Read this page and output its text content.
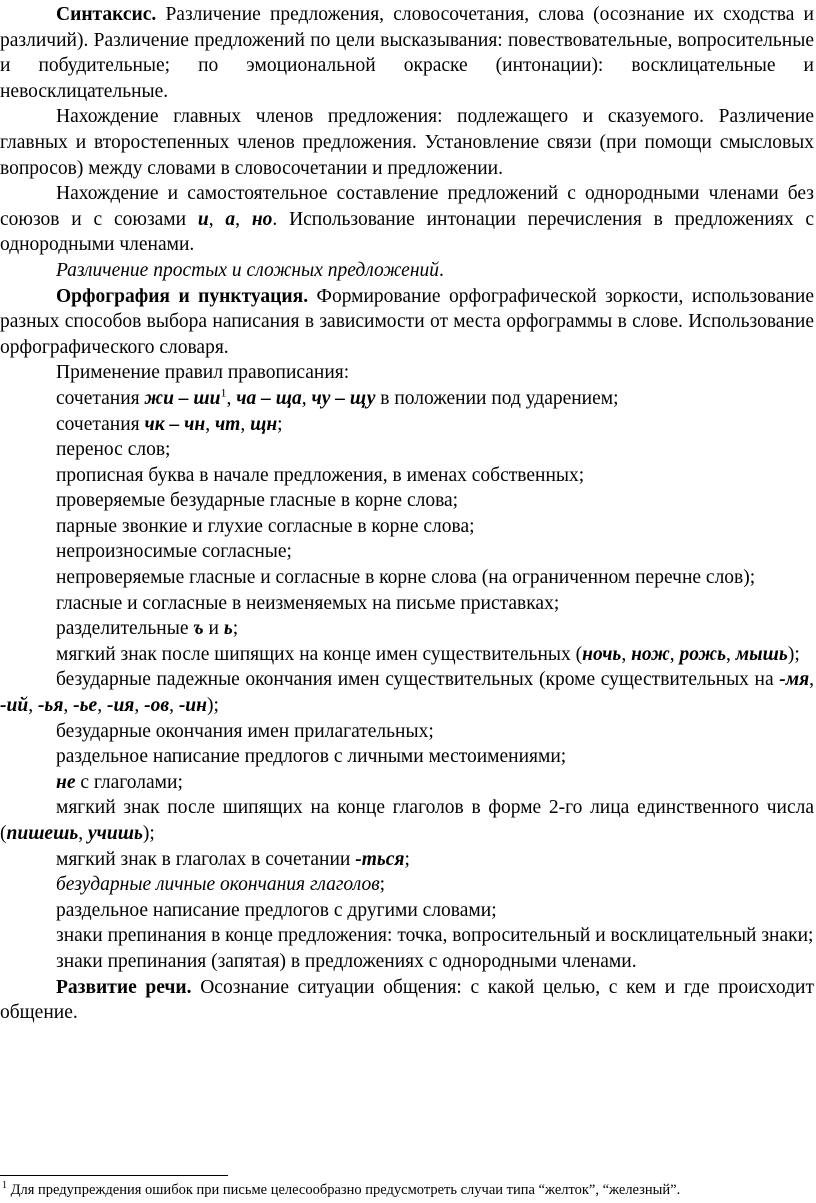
Синтаксис. Различение предложения, словосочетания, слова (осознание их сходства и различий). Различение предложений по цели высказывания: повествовательные, вопросительные и побудительные; по эмоциональной окраске (интонации): восклицательные и невосклицательные.

Нахождение главных членов предложения: подлежащего и сказуемого. Различение главных и второстепенных членов предложения. Установление связи (при помощи смысловых вопросов) между словами в словосочетании и предложении.

Нахождение и самостоятельное составление предложений с однородными членами без союзов и с союзами и, а, но. Использование интонации перечисления в предложениях с однородными членами.

Различение простых и сложных предложений.

Орфография и пунктуация. Формирование орфографической зоркости, использование разных способов выбора написания в зависимости от места орфограммы в слове. Использование орфографического словаря.

Применение правил правописания:

сочетания жи – $ши^1$, ча – ща, чу – щу в положении под ударением;

сочетания чк – чн, чт, щн;

перенос слов;

прописная буква в начале предложения, в именах собственных;

проверяемые безударные гласные в корне слова;

парные звонкие и глухие согласные в корне слова;

непроизносимые согласные;

непроверяемые гласные и согласные в корне слова (на ограниченном перечне слов);

гласные и согласные в неизменяемых на письме приставках;

разделительные ъ и ь;

мягкий знак после шипящих на конце имен существительных (ночь, нож, рожь, мышь);

безударные падежные окончания имен существительных (кроме существительных на -мя, -ий, -ья, -ье, -ия, -ов, -ин);

безударные окончания имен прилагательных;

раздельное написание предлогов с личными местоимениями;

не с глаголами;

мягкий знак после шипящих на конце глаголов в форме 2-го лица единственного числа (пишешь, учишь);

мягкий знак в глаголах в сочетании -ться;

безударные личные окончания глаголов;

раздельное написание предлогов с другими словами;

знаки препинания в конце предложения: точка, вопросительный и восклицательный знаки;

знаки препинания (запятая) в предложениях с однородными членами.

Развитие речи. Осознание ситуации общения: с какой целью, с кем и где происходит общение.

$^1$ Для предупреждения ошибок при письме целесообразно предусмотреть случаи типа “желток”, “железный”.
